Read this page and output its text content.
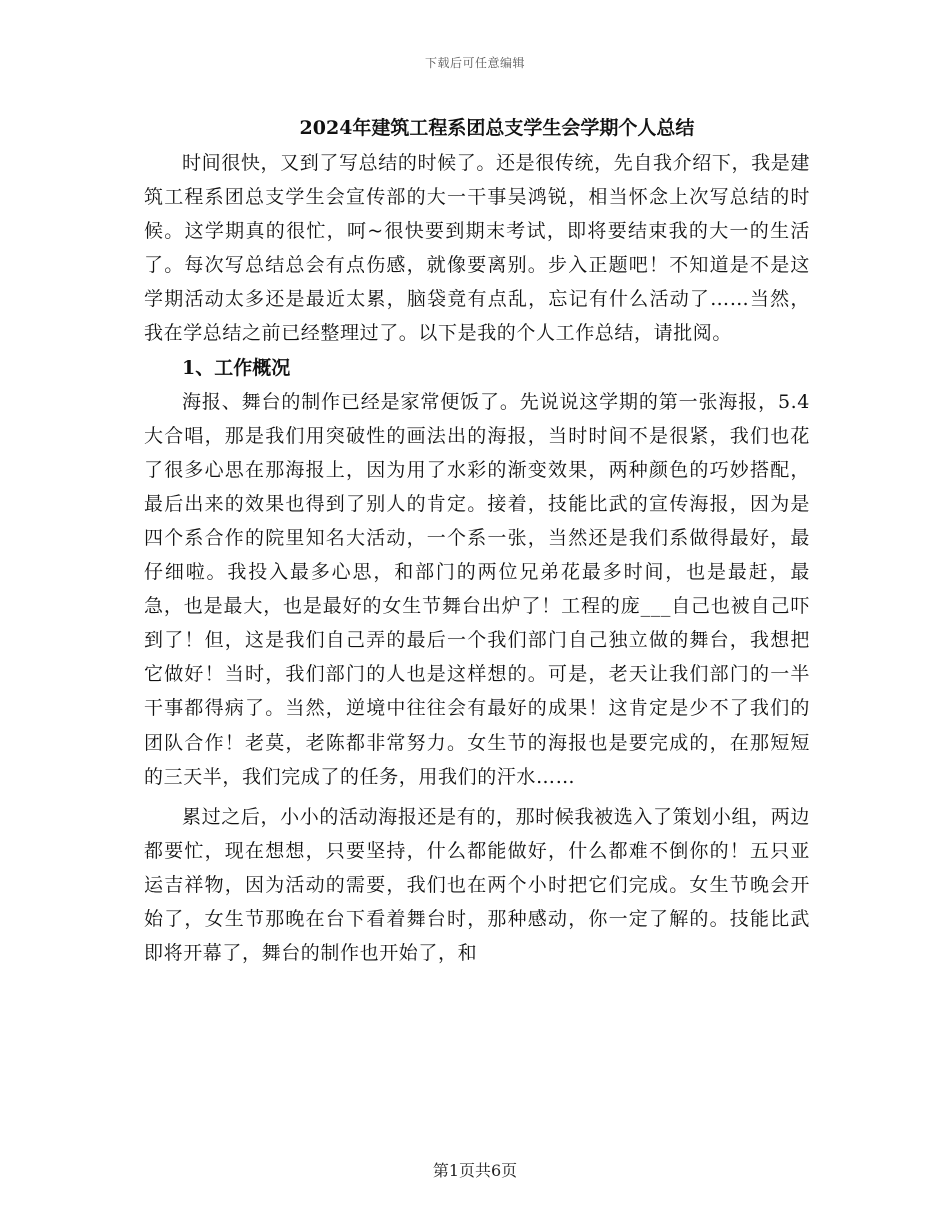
下载后可任意编辑
2024年建筑工程系团总支学生会学期个人总结

时间很快，又到了写总结的时候了。还是很传统，先自我介绍下，我是建筑工程系团总支学生会宣传部的大一干事吴鸿锐，相当怀念上次写总结的时候。这学期真的很忙，呵~很快要到期末考试，即将要结束我的大一的生活了。每次写总结总会有点伤感，就像要离别。步入正题吧！不知道是不是这学期活动太多还是最近太累，脑袋竟有点乱，忘记有什么活动了……当然，我在学总结之前已经整理过了。以下是我的个人工作总结，请批阅。

1、工作概况

海报、舞台的制作已经是家常便饭了。先说说这学期的第一张海报，5.4大合唱，那是我们用突破性的画法出的海报，当时时间不是很紧，我们也花了很多心思在那海报上，因为用了水彩的渐变效果，两种颜色的巧妙搭配，最后出来的效果也得到了别人的肯定。接着，技能比武的宣传海报，因为是四个系合作的院里知名大活动，一个系一张，当然还是我们系做得最好，最仔细啦。我投入最多心思，和部门的两位兄弟花最多时间，也是最赶，最急，也是最大，也是最好的女生节舞台出炉了！工程的庞___自己也被自己吓到了！但，这是我们自己弄的最后一个我们部门自己独立做的舞台，我想把它做好！当时，我们部门的人也是这样想的。可是，老天让我们部门的一半干事都得病了。当然，逆境中往往会有最好的成果！这肯定是少不了我们的团队合作！老莫，老陈都非常努力。女生节的海报也是要完成的，在那短短的三天半，我们完成了的任务，用我们的汗水……

累过之后，小小的活动海报还是有的，那时候我被选入了策划小组，两边都要忙，现在想想，只要坚持，什么都能做好，什么都难不倒你的！五只亚运吉祥物，因为活动的需要，我们也在两个小时把它们完成。女生节晚会开始了，女生节那晚在台下看着舞台时，那种感动，你一定了解的。技能比武即将开幕了，舞台的制作也开始了，和

第1页共6页
